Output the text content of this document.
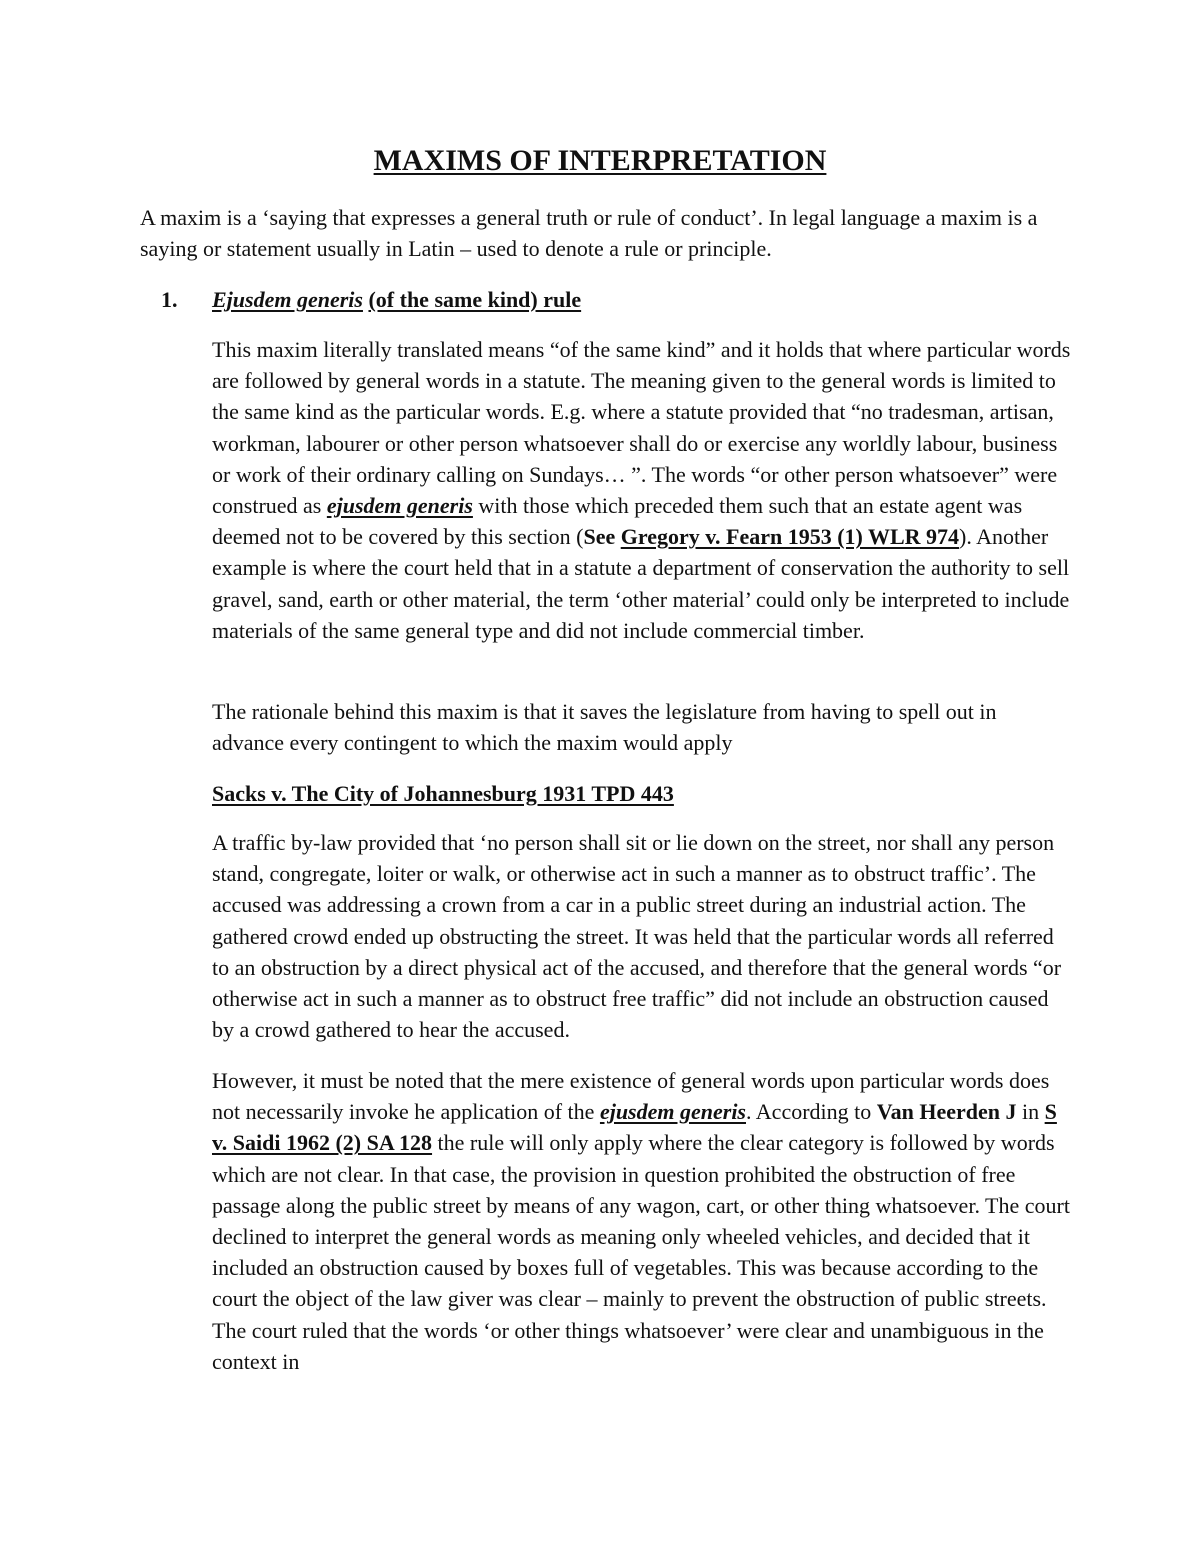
MAXIMS OF INTERPRETATION

A maxim is a ‘saying that expresses a general truth or rule of conduct’. In legal language a maxim is a saying or statement usually in Latin – used to denote a rule or principle.

1. Ejusdem generis (of the same kind) rule

This maxim literally translated means “of the same kind” and it holds that where particular words are followed by general words in a statute. The meaning given to the general words is limited to the same kind as the particular words. E.g. where a statute provided that “no tradesman, artisan, workman, labourer or other person whatsoever shall do or exercise any worldly labour, business or work of their ordinary calling on Sundays… ”. The words “or other person whatsoever” were construed as ejusdem generis with those which preceded them such that an estate agent was deemed not to be covered by this section (See Gregory v. Fearn 1953 (1) WLR 974). Another example is where the court held that in a statute a department of conservation the authority to sell gravel, sand, earth or other material, the term ‘other material’ could only be interpreted to include materials of the same general type and did not include commercial timber.

The rationale behind this maxim is that it saves the legislature from having to spell out in advance every contingent to which the maxim would apply

Sacks v. The City of Johannesburg 1931 TPD 443

A traffic by-law provided that ‘no person shall sit or lie down on the street, nor shall any person stand, congregate, loiter or walk, or otherwise act in such a manner as to obstruct traffic’. The accused was addressing a crown from a car in a public street during an industrial action. The gathered crowd ended up obstructing the street. It was held that the particular words all referred to an obstruction by a direct physical act of the accused, and therefore that the general words “or otherwise act in such a manner as to obstruct free traffic” did not include an obstruction caused by a crowd gathered to hear the accused.

However, it must be noted that the mere existence of general words upon particular words does not necessarily invoke he application of the ejusdem generis. According to Van Heerden J in S v. Saidi 1962 (2) SA 128 the rule will only apply where the clear category is followed by words which are not clear. In that case, the provision in question prohibited the obstruction of free passage along the public street by means of any wagon, cart, or other thing whatsoever. The court declined to interpret the general words as meaning only wheeled vehicles, and decided that it included an obstruction caused by boxes full of vegetables. This was because according to the court the object of the law giver was clear – mainly to prevent the obstruction of public streets. The court ruled that the words ‘or other things whatsoever’ were clear and unambiguous in the context in
